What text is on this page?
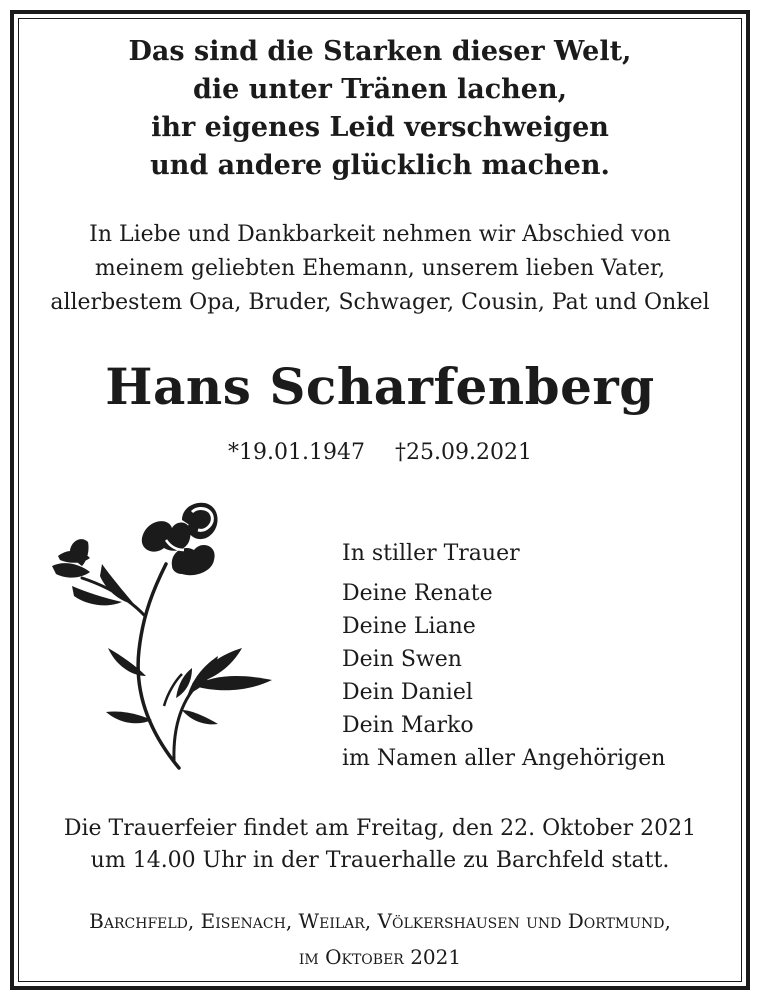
Das sind die Starken dieser Welt,
die unter Tränen lachen,
ihr eigenes Leid verschweigen
und andere glücklich machen.
In Liebe und Dankbarkeit nehmen wir Abschied von
meinem geliebten Ehemann, unserem lieben Vater,
allerbestem Opa, Bruder, Schwager, Cousin, Pat und Onkel
Hans Scharfenberg
*19.01.1947 †25.09.2021
In stiller Trauer
Deine Renate
Deine Liane
Dein Swen
Dein Daniel
Dein Marko
im Namen aller Angehörigen
Die Trauerfeier findet am Freitag, den 22. Oktober 2021
um 14.00 Uhr in der Trauerhalle zu Barchfeld statt.
Barchfeld, Eisenach, Weilar, Völkershausen und Dortmund,
im Oktober 2021
